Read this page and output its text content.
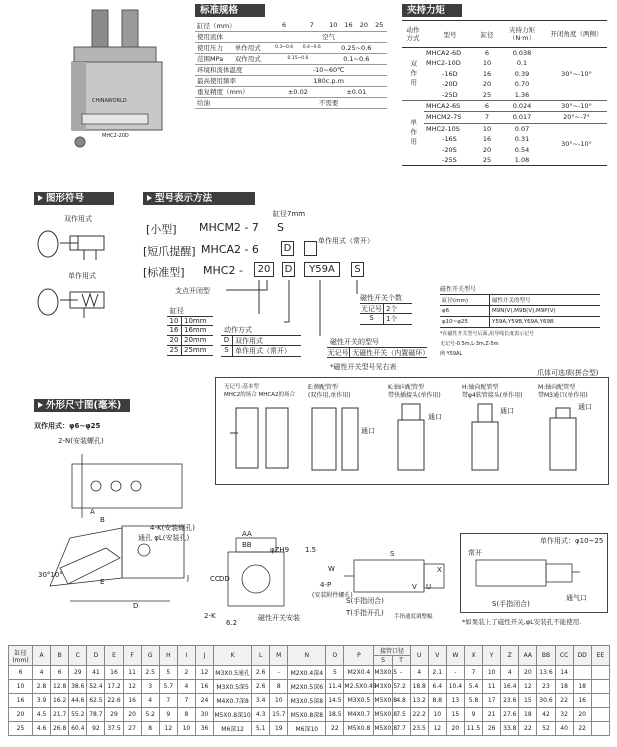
CHINAWORLD
MHC2-20D
标准规格
缸径（mm）		6	7	10	16	20	25
使用流体		空气					
使用压力	单作用式	0.3~0.6	0.4~0.6	0.25~0.6			
范围MPa	双作用式	0.15~0.6		0.1~0.6			
环境和流体温度		-10~60℃					
最高使用频率		180c.p.m					
重复精度（mm）		±0.02		±0.01			
给油		不需要					
夹持力矩
动作方式	型号	缸径	夹持力矩（N·m）	开闭角度（两侧）
双作用	MHCA2-6D	6	0.038	30°~-10°
	MHC2-10D	10	0.1	
	-16D	16	0.39	
	-20D	20	0.70	
	-25D	25	1.36	
单作用	MHCA2-6S	6	0.024	30°~-10°
	MHCM2-7S	7	0.017	20°~-7°
	MHC2-10S	10	0.07	30°~-10°
	-16S	16	0.31	
	-20S	20	0.54	
	-25S	25	1.08	
图形符号
双作用式
单作用式
型号表示方法
缸径7mm
[小型] MHCM2 - 7 S
单作用式（常开）
[短爪提醒] MHCA2 - 6 D
[标准型] MHC2 -	20	D	Y59A	S
支点开闭型
缸径
10 10mm
16 16mm
20 20mm
25 25mm
动作方式
D 双作用式
S 单作用式（常开）
磁性开关个数
无记号 2个
S	1个
磁性开关的型号
无记号 无磁性开关（内置磁环）
*磁性开关型号见右表
磁性开关型号
缸径(mm)	磁性开关的型号
φ6	M9N(V),M9B(V),M9P(V)
φ10~φ25	Y59A,Y59B,Y69A,Y69B
*在磁性开关型号后面,用导线长度表示记号
无记号-0.5m,L-3m,Z-5m
例 Y59AL
爪体可选项(拼合型)
无记号:基本型
MHC2的场合 MHCA2的场合
E:侧配管型
(双作用,单作用)
K:轴向配管型
带快插接头(单作用)
H:轴向配管型
带φ4软管接头(单作用)
M:轴向配管型
带M3通口(单作用)
通口
通口
通口	通口
外形尺寸图(毫米)
双作用式：φ6~φ25
2-N(安装螺孔)
30°10°
4-K(安装螺孔)
通孔 φL(安装孔)
A
B
D
E	J
2-K
AA
BB
CC DD
6.2
φZH9 1.5
磁性开关安装
W
S
X
4-P
(安装附件螺孔)
V U
S(手指闭合)
T(手指开孔) 手指通度调整幅
单作用式：φ10~25
常开
S(手指闭合)
通气口
*如果装上了磁性开关,φL安装孔不能使用.
缸径(mm)	A	B	C	D	E	F	G	H	I	J	K	L	M	N	O	P	接管口径		U	V	W	X	Y	Z	AA	BB	CC	DD	EE
																	S	T											
6	4	6	29	41	16	11	2.5	5	2	12	M3X0.5通孔	2.6	-	M2X0.4深4	5	M2X0.4	M3X0.5	-	4	2.1	-	7	10	4	20	13.6	14		
10	2.8	12.8	38.6	52.4	17.2	12	3	5.7	4	16	M3X0.5深5	2.6	8	M2X0.5深6	11.4	M2.5X0.45	M3X0.5	7.2	18.8	6.4	10.4	5.4	11	16.4	12	23	18	18	
16	3.9	16.2	44.6	62.5	22.6	16	4	7	7	24	M4X0.7深8	3.4	10	M3X0.5深8	14.5	M3X0.5	M5X0.8	4.8	13.2	8.8	13	5.8	17	23.6	15	30.6	22	16	
20	4.5	21.7	55.2	78.7	29	20	5.2	9	8	30	M5X0.8深10	4.3	15.7	M5X0.8深8	18.5	M4X0.7	M5X0.8	7.5	22.2	10	15	9	21	27.6	18	42	32	20	
25	4.6	26.8	60.4	92	37.5	27	8	12	10	36	M6深12	5.1	19	M6深10	22	M5X0.8	M5X0.8	7.7	23.5	12	20	11.5	26	33.8	22	52	40	22	
